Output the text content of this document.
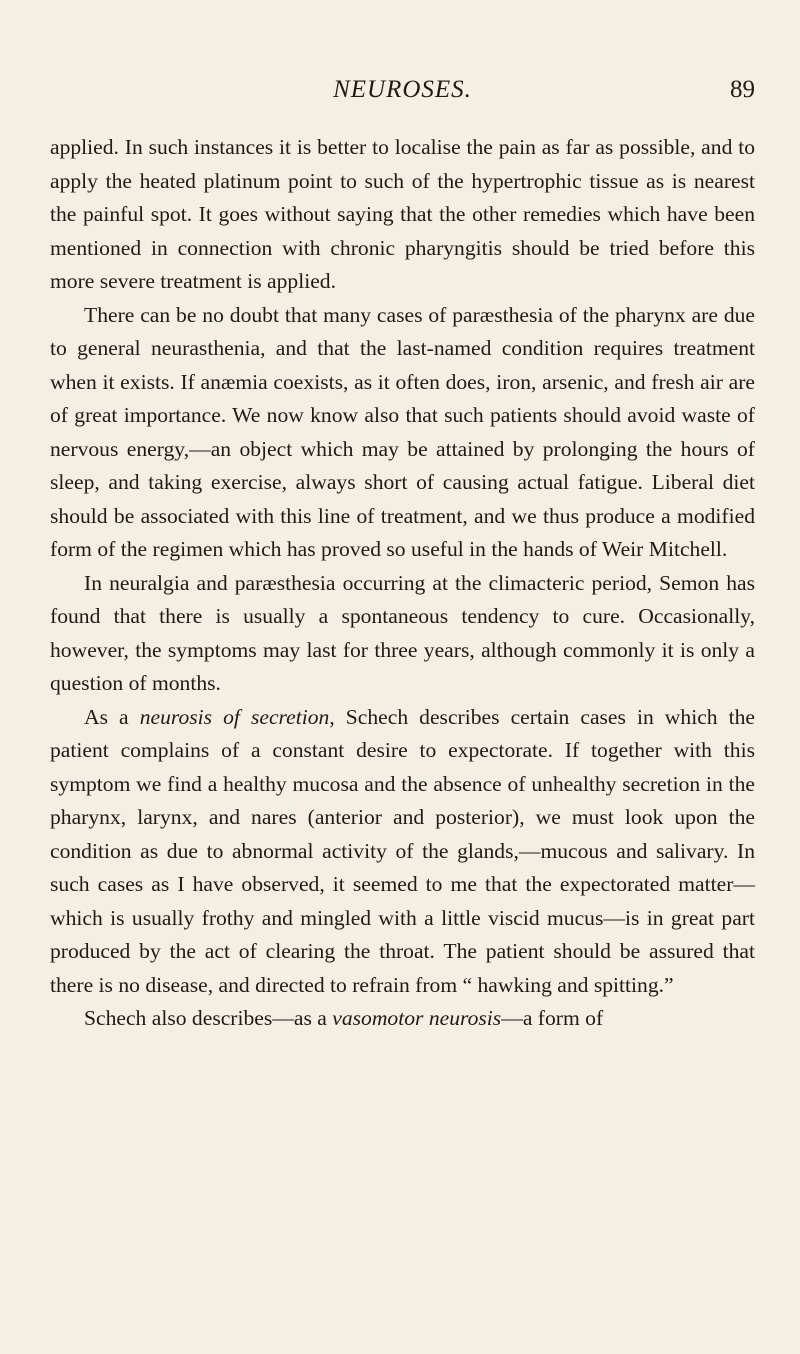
NEUROSES.	89

applied. In such instances it is better to localise the pain as far as possible, and to apply the heated platinum point to such of the hypertrophic tissue as is nearest the painful spot. It goes without saying that the other remedies which have been mentioned in connection with chronic pharyngitis should be tried before this more severe treatment is applied.

There can be no doubt that many cases of paræsthesia of the pharynx are due to general neurasthenia, and that the last-named condition requires treatment when it exists. If anæmia coexists, as it often does, iron, arsenic, and fresh air are of great importance. We now know also that such patients should avoid waste of nervous energy,—an object which may be attained by prolonging the hours of sleep, and taking exercise, always short of causing actual fatigue. Liberal diet should be associated with this line of treatment, and we thus produce a modified form of the regimen which has proved so useful in the hands of Weir Mitchell.

In neuralgia and paræsthesia occurring at the climacteric period, Semon has found that there is usually a spontaneous tendency to cure. Occasionally, however, the symptoms may last for three years, although commonly it is only a question of months.

As a neurosis of secretion, Schech describes certain cases in which the patient complains of a constant desire to expectorate. If together with this symptom we find a healthy mucosa and the absence of unhealthy secretion in the pharynx, larynx, and nares (anterior and posterior), we must look upon the condition as due to abnormal activity of the glands,—mucous and salivary. In such cases as I have observed, it seemed to me that the expectorated matter—which is usually frothy and mingled with a little viscid mucus—is in great part produced by the act of clearing the throat. The patient should be assured that there is no disease, and directed to refrain from “ hawking and spitting.”

Schech also describes—as a vasomotor neurosis—a form of
